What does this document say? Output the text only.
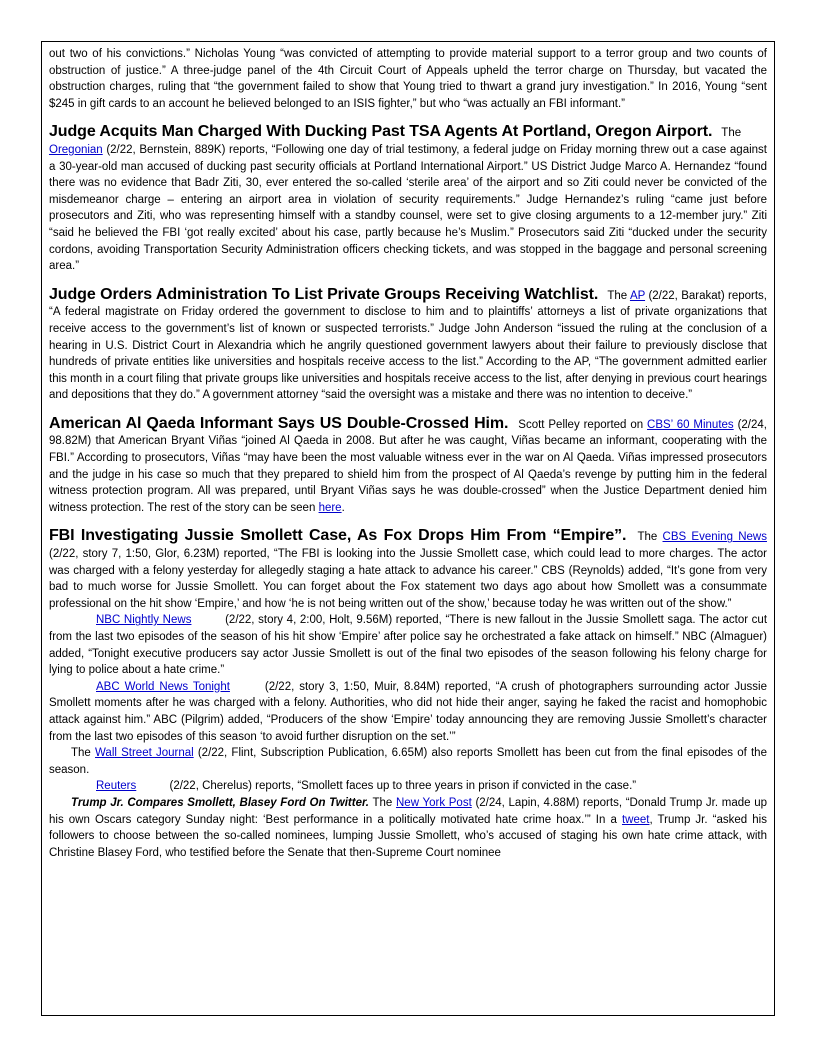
out two of his convictions.” Nicholas Young “was convicted of attempting to provide material support to a terror group and two counts of obstruction of justice.” A three-judge panel of the 4th Circuit Court of Appeals upheld the terror charge on Thursday, but vacated the obstruction charges, ruling that “the government failed to show that Young tried to thwart a grand jury investigation.” In 2016, Young “sent $245 in gift cards to an account he believed belonged to an ISIS fighter,” but who “was actually an FBI informant.”

Judge Acquits Man Charged With Ducking Past TSA Agents At Portland, Oregon Airport. The
Oregonian (2/22, Bernstein, 889K) reports, “Following one day of trial testimony, a federal judge on Friday morning threw out a case against a 30-year-old man accused of ducking past security officials at Portland International Airport.” US District Judge Marco A. Hernandez “found there was no evidence that Badr Ziti, 30, ever entered the so-called ‘sterile area’ of the airport and so Ziti could never be convicted of the misdemeanor charge – entering an airport area in violation of security requirements.” Judge Hernandez’s ruling “came just before prosecutors and Ziti, who was representing himself with a standby counsel, were set to give closing arguments to a 12-member jury.” Ziti “said he believed the FBI ‘got really excited’ about his case, partly because he’s Muslim.” Prosecutors said Ziti “ducked under the security cordons, avoiding Transportation Security Administration officers checking tickets, and was stopped in the baggage and personal screening area.”

Judge Orders Administration To List Private Groups Receiving Watchlist. The AP (2/22, Barakat) reports, “A federal magistrate on Friday ordered the government to disclose to him and to plaintiffs’ attorneys a list of private organizations that receive access to the government’s list of known or suspected terrorists.” Judge John Anderson “issued the ruling at the conclusion of a hearing in U.S. District Court in Alexandria which he angrily questioned government lawyers about their failure to previously disclose that hundreds of private entities like universities and hospitals receive access to the list.” According to the AP, “The government admitted earlier this month in a court filing that private groups like universities and hospitals receive access to the list, after denying in previous court hearings and depositions that they do.” A government attorney “said the oversight was a mistake and there was no intention to deceive.”

American Al Qaeda Informant Says US Double-Crossed Him. Scott Pelley reported on CBS’ 60 Minutes (2/24, 98.82M) that American Bryant Viñas “joined Al Qaeda in 2008. But after he was caught, Viñas became an informant, cooperating with the FBI.” According to prosecutors, Viñas “may have been the most valuable witness ever in the war on Al Qaeda. Viñas impressed prosecutors and the judge in his case so much that they prepared to shield him from the prospect of Al Qaeda’s revenge by putting him in the federal witness protection program. All was prepared, until Bryant Viñas says he was double-crossed” when the Justice Department denied him witness protection. The rest of the story can be seen here.

FBI Investigating Jussie Smollett Case, As Fox Drops Him From “Empire”. The CBS Evening News (2/22, story 7, 1:50, Glor, 6.23M) reported, “The FBI is looking into the Jussie Smollett case, which could lead to more charges. The actor was charged with a felony yesterday for allegedly staging a hate attack to advance his career.” CBS (Reynolds) added, “It’s gone from very bad to much worse for Jussie Smollett. You can forget about the Fox statement two days ago about how Smollett was a consummate professional on the hit show ‘Empire,’ and how ‘he is not being written out of the show,’ because today he was written out of the show.”

NBC Nightly News	(2/22, story 4, 2:00, Holt, 9.56M) reported, “There is new fallout in the Jussie Smollett saga. The actor cut from the last two episodes of the season of his hit show ‘Empire’ after police say he orchestrated a fake attack on himself.” NBC (Almaguer) added, “Tonight executive producers say actor Jussie Smollett is out of the final two episodes of the season following his felony charge for lying to police about a hate crime.”

ABC World News Tonight	(2/22, story 3, 1:50, Muir, 8.84M) reported, “A crush of photographers surrounding actor Jussie Smollett moments after he was charged with a felony. Authorities, who did not hide their anger, saying he faked the racist and homophobic attack against him.” ABC (Pilgrim) added, “Producers of the show ‘Empire’ today announcing they are removing Jussie Smollett’s character from the last two episodes of this season ‘to avoid further disruption on the set.’”

The Wall Street Journal (2/22, Flint, Subscription Publication, 6.65M) also reports Smollett has been cut from the final episodes of the season.

Reuters	(2/22, Cherelus) reports, “Smollett faces up to three years in prison if convicted in the case.”

Trump Jr. Compares Smollett, Blasey Ford On Twitter. The New York Post (2/24, Lapin, 4.88M) reports, “Donald Trump Jr. made up his own Oscars category Sunday night: ‘Best performance in a politically motivated hate crime hoax.’” In a tweet, Trump Jr. “asked his followers to choose between the so-called nominees, lumping Jussie Smollett, who’s accused of staging his own hate crime attack, with Christine Blasey Ford, who testified before the Senate that then-Supreme Court nominee
